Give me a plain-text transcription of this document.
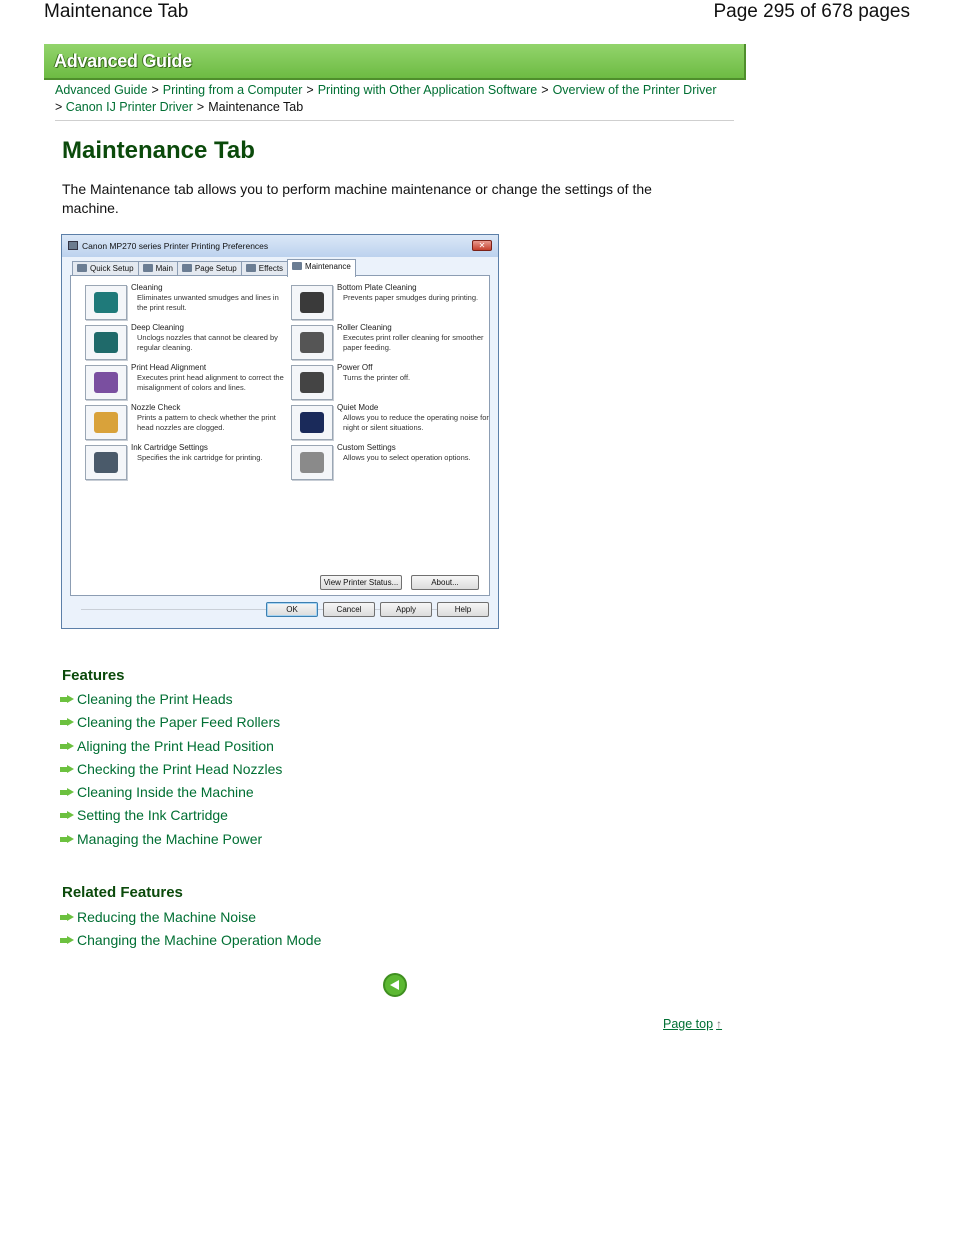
Maintenance Tab	Page 295 of 678 pages
Advanced Guide
Advanced Guide > Printing from a Computer > Printing with Other Application Software > Overview of the Printer Driver
> Canon IJ Printer Driver > Maintenance Tab
Maintenance Tab

The Maintenance tab allows you to perform machine maintenance or change the settings of the machine.

Canon MP270 series Printer Printing Preferences	✕
Quick Setup	Main	Page Setup	Effects	Maintenance
Cleaning
Eliminates unwanted smudges and lines in the print result.
Bottom Plate Cleaning
Prevents paper smudges during printing.
Deep Cleaning
Unclogs nozzles that cannot be cleared by regular cleaning.
Roller Cleaning
Executes print roller cleaning for smoother paper feeding.
Print Head Alignment
Executes print head alignment to correct the misalignment of colors and lines.
Power Off
Turns the printer off.
Nozzle Check
Prints a pattern to check whether the print head nozzles are clogged.
Quiet Mode
Allows you to reduce the operating noise for night or silent situations.
Ink Cartridge Settings
Specifies the ink cartridge for printing.
Custom Settings
Allows you to select operation options.
View Printer Status...	About...
OK	Cancel	Apply	Help
Features
Cleaning the Print Heads
Cleaning the Paper Feed Rollers
Aligning the Print Head Position
Checking the Print Head Nozzles
Cleaning Inside the Machine
Setting the Ink Cartridge
Managing the Machine Power
Related Features
Reducing the Machine Noise
Changing the Machine Operation Mode
Page top ↑
